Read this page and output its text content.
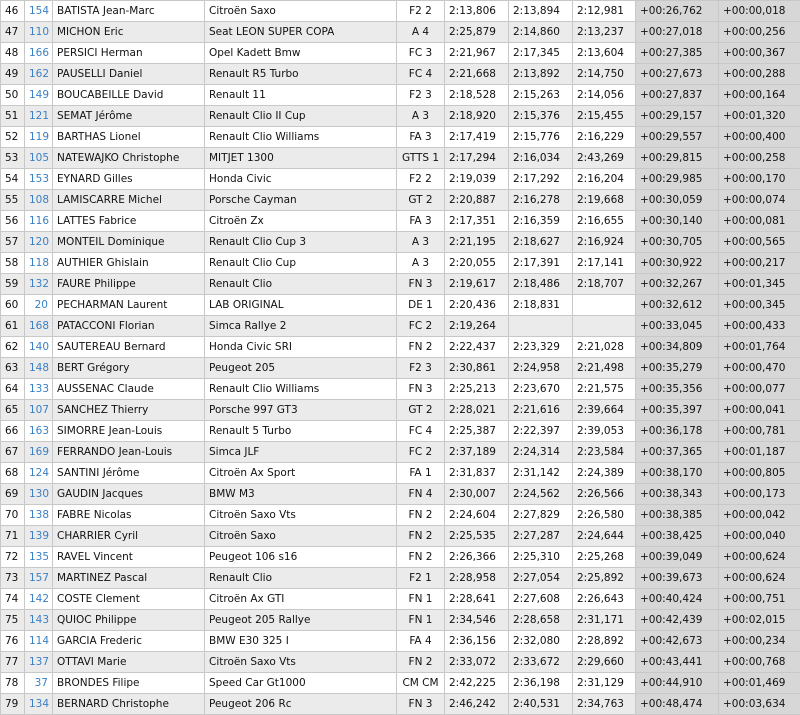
46	154	BATISTA Jean-Marc	Citroën Saxo	F2 2	2:13,806	2:13,894	2:12,981	+00:26,762	+00:00,018
47	110	MICHON Eric	Seat LEON SUPER COPA	A 4	2:25,879	2:14,860	2:13,237	+00:27,018	+00:00,256
48	166	PERSICI Herman	Opel Kadett Bmw	FC 3	2:21,967	2:17,345	2:13,604	+00:27,385	+00:00,367
49	162	PAUSELLI Daniel	Renault R5 Turbo	FC 4	2:21,668	2:13,892	2:14,750	+00:27,673	+00:00,288
50	149	BOUCABEILLE David	Renault 11	F2 3	2:18,528	2:15,263	2:14,056	+00:27,837	+00:00,164
51	121	SEMAT Jérôme	Renault Clio II Cup	A 3	2:18,920	2:15,376	2:15,455	+00:29,157	+00:01,320
52	119	BARTHAS Lionel	Renault Clio Williams	FA 3	2:17,419	2:15,776	2:16,229	+00:29,557	+00:00,400
53	105	NATEWAJKO Christophe	MITJET 1300	GTTS 1	2:17,294	2:16,034	2:43,269	+00:29,815	+00:00,258
54	153	EYNARD Gilles	Honda Civic	F2 2	2:19,039	2:17,292	2:16,204	+00:29,985	+00:00,170
55	108	LAMISCARRE Michel	Porsche Cayman	GT 2	2:20,887	2:16,278	2:19,668	+00:30,059	+00:00,074
56	116	LATTES Fabrice	Citroën Zx	FA 3	2:17,351	2:16,359	2:16,655	+00:30,140	+00:00,081
57	120	MONTEIL Dominique	Renault Clio Cup 3	A 3	2:21,195	2:18,627	2:16,924	+00:30,705	+00:00,565
58	118	AUTHIER Ghislain	Renault Clio Cup	A 3	2:20,055	2:17,391	2:17,141	+00:30,922	+00:00,217
59	132	FAURE Philippe	Renault Clio	FN 3	2:19,617	2:18,486	2:18,707	+00:32,267	+00:01,345
60	20	PECHARMAN Laurent	LAB ORIGINAL	DE 1	2:20,436	2:18,831		+00:32,612	+00:00,345
61	168	PATACCONI Florian	Simca Rallye 2	FC 2	2:19,264			+00:33,045	+00:00,433
62	140	SAUTEREAU Bernard	Honda Civic SRI	FN 2	2:22,437	2:23,329	2:21,028	+00:34,809	+00:01,764
63	148	BERT Grégory	Peugeot 205	F2 3	2:30,861	2:24,958	2:21,498	+00:35,279	+00:00,470
64	133	AUSSENAC Claude	Renault Clio Williams	FN 3	2:25,213	2:23,670	2:21,575	+00:35,356	+00:00,077
65	107	SANCHEZ Thierry	Porsche 997 GT3	GT 2	2:28,021	2:21,616	2:39,664	+00:35,397	+00:00,041
66	163	SIMORRE Jean-Louis	Renault 5 Turbo	FC 4	2:25,387	2:22,397	2:39,053	+00:36,178	+00:00,781
67	169	FERRANDO Jean-Louis	Simca JLF	FC 2	2:37,189	2:24,314	2:23,584	+00:37,365	+00:01,187
68	124	SANTINI Jérôme	Citroën Ax Sport	FA 1	2:31,837	2:31,142	2:24,389	+00:38,170	+00:00,805
69	130	GAUDIN Jacques	BMW M3	FN 4	2:30,007	2:24,562	2:26,566	+00:38,343	+00:00,173
70	138	FABRE Nicolas	Citroën Saxo Vts	FN 2	2:24,604	2:27,829	2:26,580	+00:38,385	+00:00,042
71	139	CHARRIER Cyril	Citroën Saxo	FN 2	2:25,535	2:27,287	2:24,644	+00:38,425	+00:00,040
72	135	RAVEL Vincent	Peugeot 106 s16	FN 2	2:26,366	2:25,310	2:25,268	+00:39,049	+00:00,624
73	157	MARTINEZ Pascal	Renault Clio	F2 1	2:28,958	2:27,054	2:25,892	+00:39,673	+00:00,624
74	142	COSTE Clement	Citroën Ax GTI	FN 1	2:28,641	2:27,608	2:26,643	+00:40,424	+00:00,751
75	143	QUIOC Philippe	Peugeot 205 Rallye	FN 1	2:34,546	2:28,658	2:31,171	+00:42,439	+00:02,015
76	114	GARCIA Frederic	BMW E30 325 I	FA 4	2:36,156	2:32,080	2:28,892	+00:42,673	+00:00,234
77	137	OTTAVI Marie	Citroën Saxo Vts	FN 2	2:33,072	2:33,672	2:29,660	+00:43,441	+00:00,768
78	37	BRONDES Filipe	Speed Car Gt1000	CM CM	2:42,225	2:36,198	2:31,129	+00:44,910	+00:01,469
79	134	BERNARD Christophe	Peugeot 206 Rc	FN 3	2:46,242	2:40,531	2:34,763	+00:48,474	+00:03,634
